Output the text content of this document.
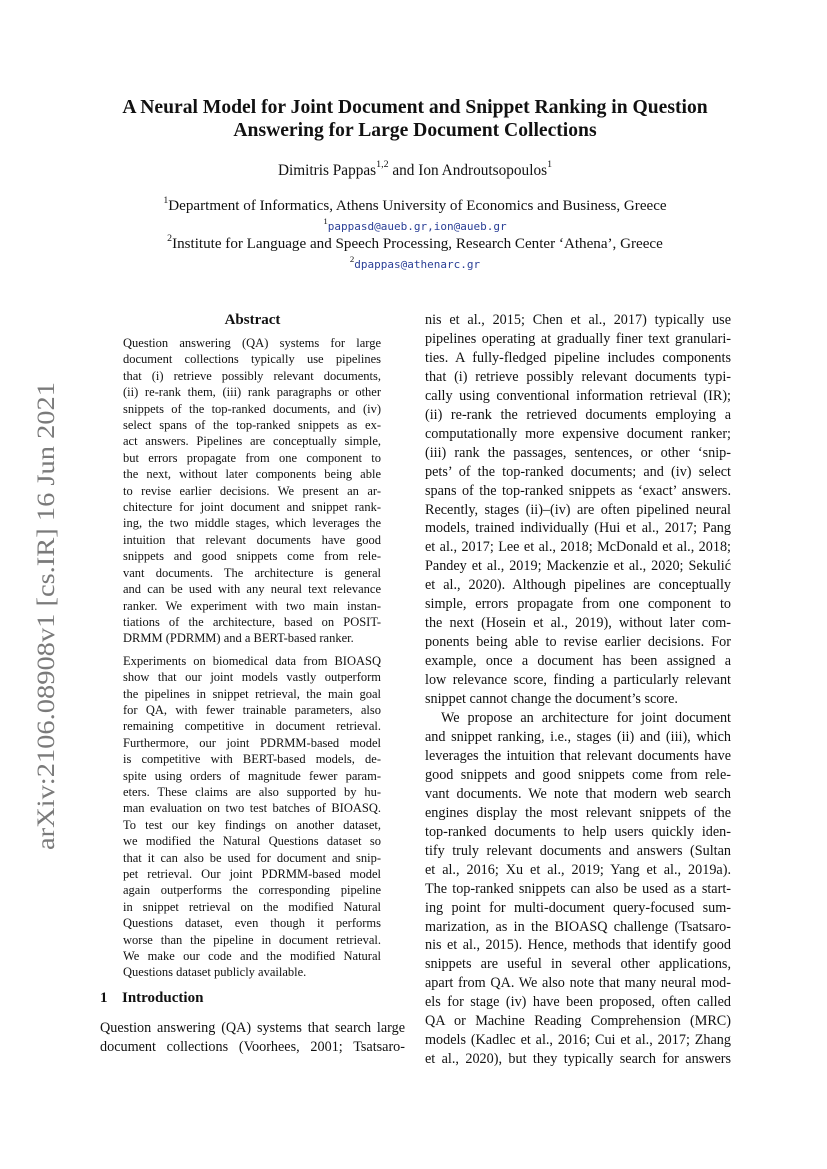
arXiv:2106.08908v1 [cs.IR] 16 Jun 2021
A Neural Model for Joint Document and Snippet Ranking in Question
Answering for Large Document Collections
Dimitris Pappas$^{1,2}$ and Ion Androutsopoulos$^1$
$^1$Department of Informatics, Athens University of Economics and Business, Greece
$^1$pappasd@aueb.gr,ion@aueb.gr
$^2$Institute for Language and Speech Processing, Research Center ‘Athena’, Greece
$^2$dpappas@athenarc.gr
Abstract
Question answering (QA) systems for large
document collections typically use pipelines
that (i) retrieve possibly relevant documents,
(ii) re-rank them, (iii) rank paragraphs or other
snippets of the top-ranked documents, and (iv)
select spans of the top-ranked snippets as ex-
act answers. Pipelines are conceptually simple,
but errors propagate from one component to
the next, without later components being able
to revise earlier decisions. We present an ar-
chitecture for joint document and snippet rank-
ing, the two middle stages, which leverages the
intuition that relevant documents have good
snippets and good snippets come from rele-
vant documents. The architecture is general
and can be used with any neural text relevance
ranker. We experiment with two main instan-
tiations of the architecture, based on POSIT-
DRMM (PDRMM) and a BERT-based ranker.
Experiments on biomedical data from BIOASQ
show that our joint models vastly outperform
the pipelines in snippet retrieval, the main goal
for QA, with fewer trainable parameters, also
remaining competitive in document retrieval.
Furthermore, our joint PDRMM-based model
is competitive with BERT-based models, de-
spite using orders of magnitude fewer param-
eters. These claims are also supported by hu-
man evaluation on two test batches of BIOASQ.
To test our key findings on another dataset,
we modified the Natural Questions dataset so
that it can also be used for document and snip-
pet retrieval. Our joint PDRMM-based model
again outperforms the corresponding pipeline
in snippet retrieval on the modified Natural
Questions dataset, even though it performs
worse than the pipeline in document retrieval.
We make our code and the modified Natural
Questions dataset publicly available.
1 Introduction
Question answering (QA) systems that search large
document collections (Voorhees, 2001; Tsatsaro-
nis et al., 2015; Chen et al., 2017) typically use
pipelines operating at gradually finer text granulari-
ties. A fully-fledged pipeline includes components
that (i) retrieve possibly relevant documents typi-
cally using conventional information retrieval (IR);
(ii) re-rank the retrieved documents employing a
computationally more expensive document ranker;
(iii) rank the passages, sentences, or other ‘snip-
pets’ of the top-ranked documents; and (iv) select
spans of the top-ranked snippets as ‘exact’ answers.
Recently, stages (ii)–(iv) are often pipelined neural
models, trained individually (Hui et al., 2017; Pang
et al., 2017; Lee et al., 2018; McDonald et al., 2018;
Pandey et al., 2019; Mackenzie et al., 2020; Sekulić
et al., 2020). Although pipelines are conceptually
simple, errors propagate from one component to
the next (Hosein et al., 2019), without later com-
ponents being able to revise earlier decisions. For
example, once a document has been assigned a
low relevance score, finding a particularly relevant
snippet cannot change the document’s score.
We propose an architecture for joint document
and snippet ranking, i.e., stages (ii) and (iii), which
leverages the intuition that relevant documents have
good snippets and good snippets come from rele-
vant documents. We note that modern web search
engines display the most relevant snippets of the
top-ranked documents to help users quickly iden-
tify truly relevant documents and answers (Sultan
et al., 2016; Xu et al., 2019; Yang et al., 2019a).
The top-ranked snippets can also be used as a start-
ing point for multi-document query-focused sum-
marization, as in the BIOASQ challenge (Tsatsaro-
nis et al., 2015). Hence, methods that identify good
snippets are useful in several other applications,
apart from QA. We also note that many neural mod-
els for stage (iv) have been proposed, often called
QA or Machine Reading Comprehension (MRC)
models (Kadlec et al., 2016; Cui et al., 2017; Zhang
et al., 2020), but they typically search for answers
